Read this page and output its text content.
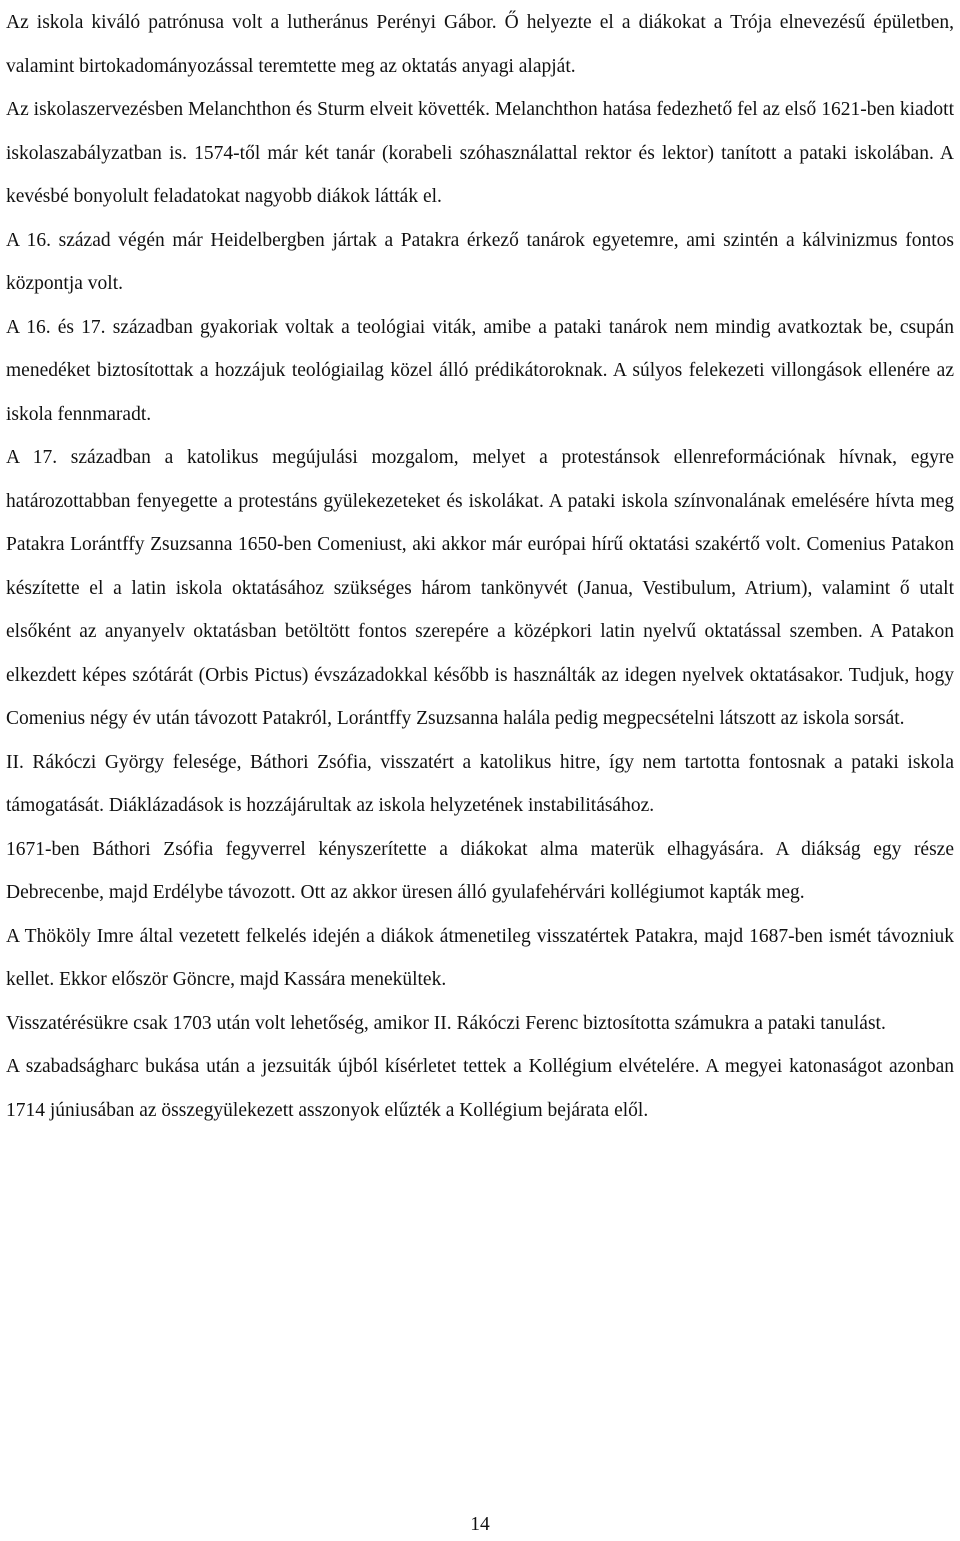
Az iskola kiváló patrónusa volt a lutheránus Perényi Gábor. Ő helyezte el a diákokat a Trója elnevezésű épületben, valamint birtokadományozással teremtette meg az oktatás anyagi alapját.

Az iskolaszervezésben Melanchthon és Sturm elveit követték. Melanchthon hatása fedezhető fel az első 1621-ben kiadott iskolaszabályzatban is. 1574-től már két tanár (korabeli szóhasználattal rektor és lektor) tanított a pataki iskolában. A kevésbé bonyolult feladatokat nagyobb diákok látták el.

A 16. század végén már Heidelbergben jártak a Patakra érkező tanárok egyetemre, ami szintén a kálvinizmus fontos központja volt.

A 16. és 17. században gyakoriak voltak a teológiai viták, amibe a pataki tanárok nem mindig avatkoztak be, csupán menedéket biztosítottak a hozzájuk teológiailag közel álló prédikátoroknak. A súlyos felekezeti villongások ellenére az iskola fennmaradt.

A 17. században a katolikus megújulási mozgalom, melyet a protestánsok ellenreformációnak hívnak, egyre határozottabban fenyegette a protestáns gyülekezeteket és iskolákat. A pataki iskola színvonalának emelésére hívta meg Patakra Lorántffy Zsuzsanna 1650-ben Comeniust, aki akkor már európai hírű oktatási szakértő volt. Comenius Patakon készítette el a latin iskola oktatásához szükséges három tankönyvét (Janua, Vestibulum, Atrium), valamint ő utalt elsőként az anyanyelv oktatásban betöltött fontos szerepére a középkori latin nyelvű oktatással szemben. A Patakon elkezdett képes szótárát (Orbis Pictus) évszázadokkal később is használták az idegen nyelvek oktatásakor. Tudjuk, hogy Comenius négy év után távozott Patakról, Lorántffy Zsuzsanna halála pedig megpecsételni látszott az iskola sorsát.

II. Rákóczi György felesége, Báthori Zsófia, visszatért a katolikus hitre, így nem tartotta fontosnak a pataki iskola támogatását. Diáklázadások is hozzájárultak az iskola helyzetének instabilitásához.

1671-ben Báthori Zsófia fegyverrel kényszerítette a diákokat alma materük elhagyására. A diákság egy része Debrecenbe, majd Erdélybe távozott. Ott az akkor üresen álló gyulafehérvári kollégiumot kapták meg.

A Thököly Imre által vezetett felkelés idején a diákok átmenetileg visszatértek Patakra, majd 1687-ben ismét távozniuk kellet. Ekkor először Göncre, majd Kassára menekültek.

Visszatérésükre csak 1703 után volt lehetőség, amikor II. Rákóczi Ferenc biztosította számukra a pataki tanulást.

A szabadságharc bukása után a jezsuiták újból kísérletet tettek a Kollégium elvételére. A megyei katonaságot azonban 1714 júniusában az összegyülekezett asszonyok elűzték a Kollégium bejárata elől.

14
